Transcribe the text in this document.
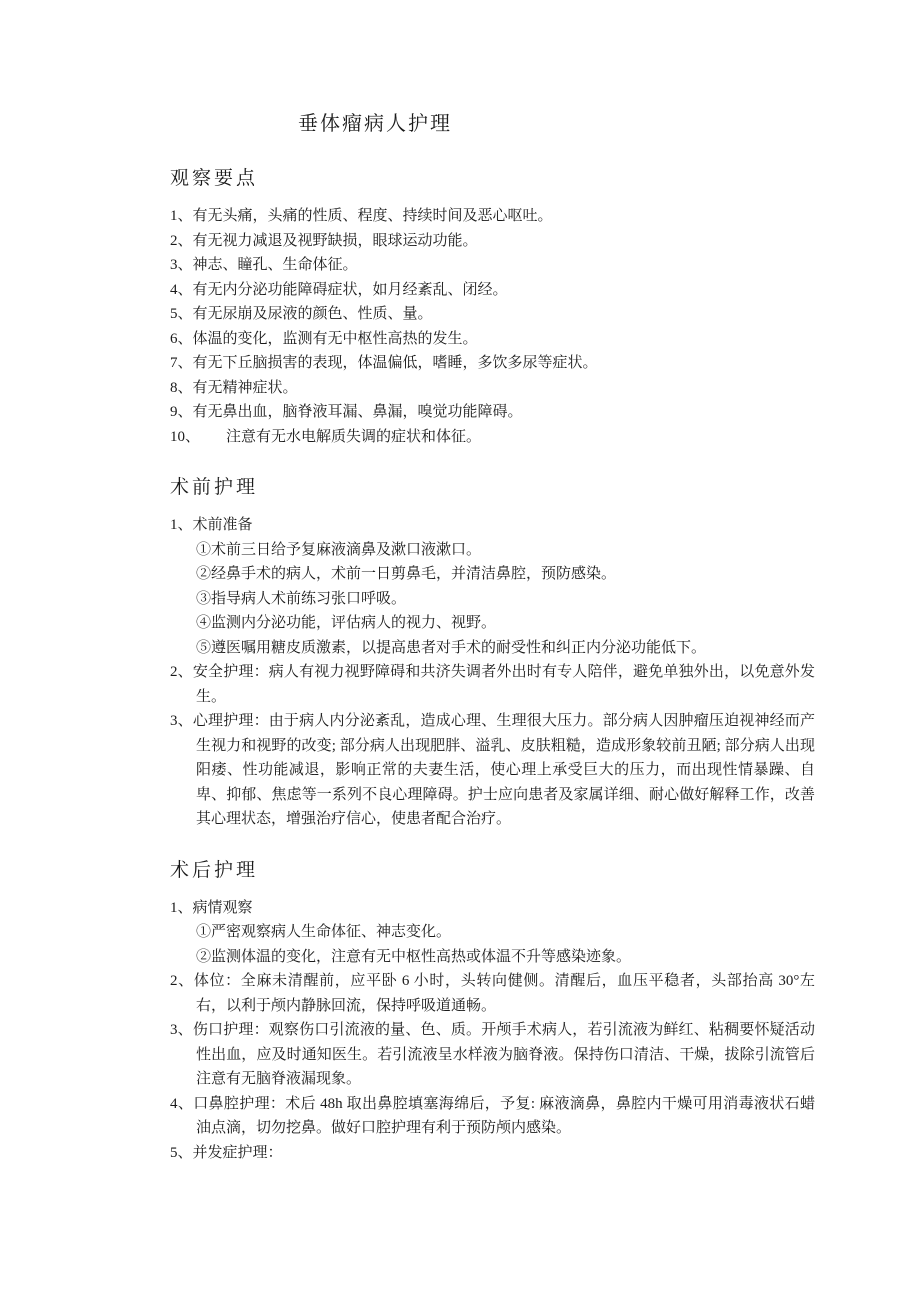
垂体瘤病人护理
观察要点
1、有无头痛，头痛的性质、程度、持续时间及恶心呕吐。
2、有无视力减退及视野缺损，眼球运动功能。
3、神志、瞳孔、生命体征。
4、有无内分泌功能障碍症状，如月经紊乱、闭经。
5、有无尿崩及尿液的颜色、性质、量。
6、体温的变化，监测有无中枢性高热的发生。
7、有无下丘脑损害的表现，体温偏低，嗜睡，多饮多尿等症状。
8、有无精神症状。
9、有无鼻出血，脑脊液耳漏、鼻漏，嗅觉功能障碍。
10、 注意有无水电解质失调的症状和体征。
术前护理
1、术前准备
①术前三日给予复麻液滴鼻及漱口液漱口。
②经鼻手术的病人，术前一日剪鼻毛，并清洁鼻腔，预防感染。
③指导病人术前练习张口呼吸。
④监测内分泌功能，评估病人的视力、视野。
⑤遵医嘱用糖皮质激素，以提高患者对手术的耐受性和纠正内分泌功能低下。
2、安全护理：病人有视力视野障碍和共济失调者外出时有专人陪伴，避免单独外出，以免意外发生。
3、心理护理：由于病人内分泌紊乱，造成心理、生理很大压力。部分病人因肿瘤压迫视神经而产生视力和视野的改变; 部分病人出现肥胖、溢乳、皮肤粗糙，造成形象较前丑陋; 部分病人出现阳痿、性功能减退，影响正常的夫妻生活，使心理上承受巨大的压力，而出现性情暴躁、自卑、抑郁、焦虑等一系列不良心理障碍。护士应向患者及家属详细、耐心做好解释工作，改善其心理状态，增强治疗信心，使患者配合治疗。
术后护理
1、病情观察
①严密观察病人生命体征、神志变化。
②监测体温的变化，注意有无中枢性高热或体温不升等感染迹象。
2、体位：全麻未清醒前，应平卧 6 小时，头转向健侧。清醒后，血压平稳者，头部抬高 30°左右，以利于颅内静脉回流，保持呼吸道通畅。
3、伤口护理：观察伤口引流液的量、色、质。开颅手术病人，若引流液为鲜红、粘稠要怀疑活动性出血，应及时通知医生。若引流液呈水样液为脑脊液。保持伤口清洁、干燥，拔除引流管后注意有无脑脊液漏现象。
4、口鼻腔护理：术后 48h 取出鼻腔填塞海绵后，予复: 麻液滴鼻，鼻腔内干燥可用消毒液状石蜡油点滴，切勿挖鼻。做好口腔护理有利于预防颅内感染。
5、并发症护理：
